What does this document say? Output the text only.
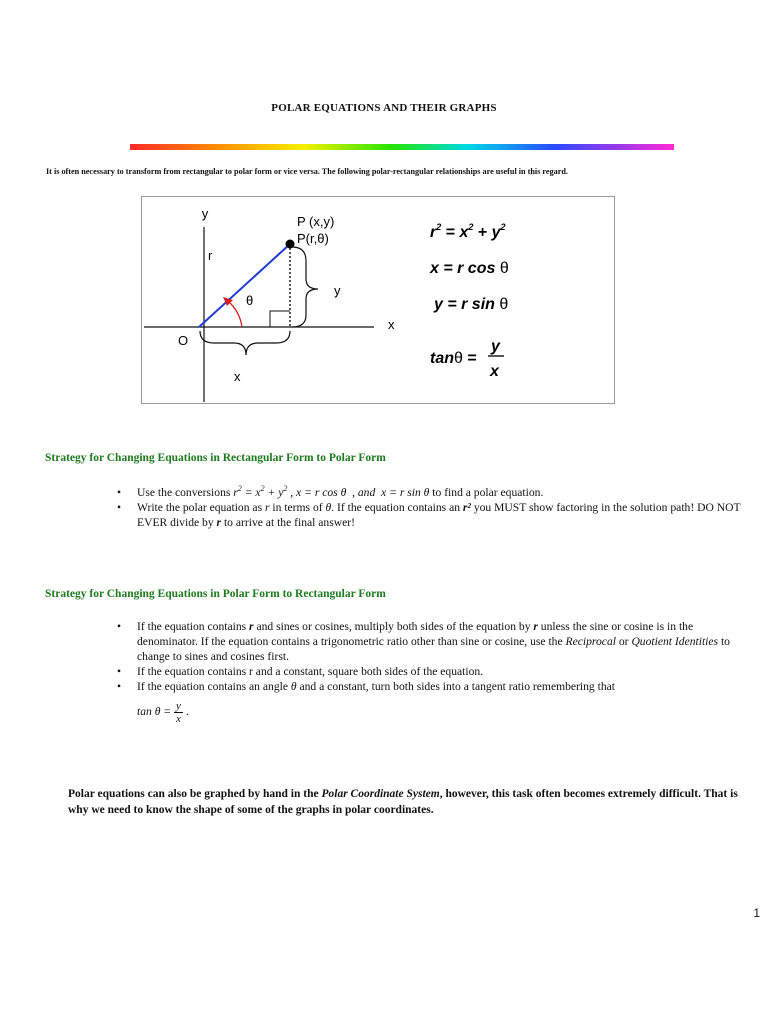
POLAR EQUATIONS AND THEIR GRAPHS
It is often necessary to transform from rectangular to polar form or vice versa. The following polar-rectangular relationships are useful in this regard.
y
r
P (x,y)
P(r,θ)
θ
y
x
O
x
$r^2 = x^2 + y^2$
x = r cos θ
y = r sin θ
tanθ =
y
x
Strategy for Changing Equations in Rectangular Form to Polar Form
• Use the conversions $r^2 = x^2 + y^2$ , x = r cos θ  , and  x = r sin θ to find a polar equation.
• Write the polar equation as r in terms of θ. If the equation contains an r² you MUST show factoring in the solution path! DO NOT EVER divide by r to arrive at the final answer!
Strategy for Changing Equations in Polar Form to Rectangular Form
• If the equation contains r and sines or cosines, multiply both sides of the equation by r unless the sine or cosine is in the denominator. If the equation contains a trigonometric ratio other than sine or cosine, use the Reciprocal or Quotient Identities to change to sines and cosines first.
• If the equation contains r and a constant, square both sides of the equation.
• If the equation contains an angle θ and a constant, turn both sides into a tangent ratio remembering that
$\tan \theta = \frac{y}{x}$ .
Polar equations can also be graphed by hand in the Polar Coordinate System, however, this task often becomes extremely difficult. That is why we need to know the shape of some of the graphs in polar coordinates.
1
